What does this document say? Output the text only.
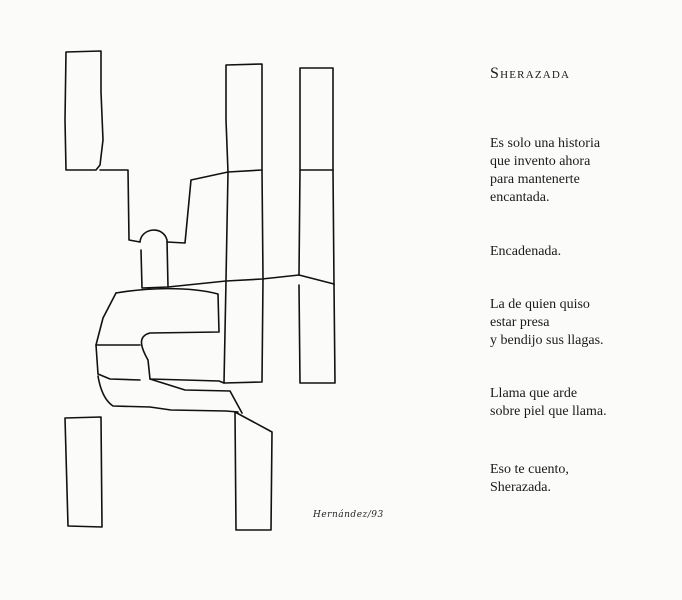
Hernández/93
Sherazada

Es solo una historia
que invento ahora
para mantenerte
encantada.

Encadenada.

La de quien quiso
estar presa
y bendijo sus llagas.

Llama que arde
sobre piel que llama.

Eso te cuento,
Sherazada.
